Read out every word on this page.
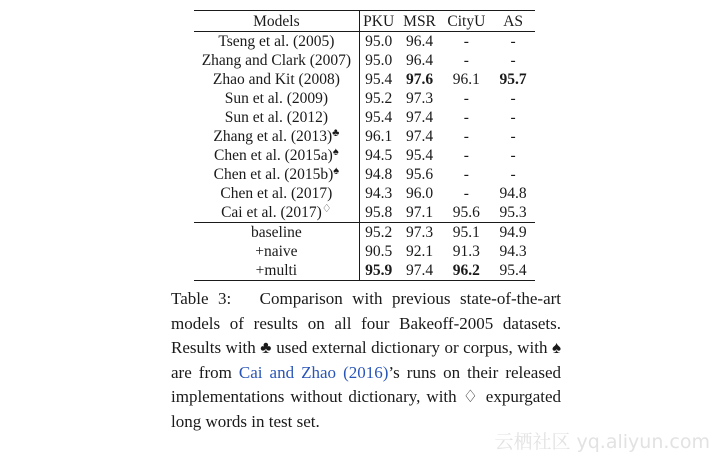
Models	PKU	MSR	CityU	AS
Tseng et al. (2005)	95.0	96.4	-	-
Zhang and Clark (2007)	95.0	96.4	-	-
Zhao and Kit (2008)	95.4	97.6	96.1	95.7
Sun et al. (2009)	95.2	97.3	-	-
Sun et al. (2012)	95.4	97.4	-	-
Zhang et al. (2013)♣	96.1	97.4	-	-
Chen et al. (2015a)♠	94.5	95.4	-	-
Chen et al. (2015b)♠	94.8	95.6	-	-
Chen et al. (2017)	94.3	96.0	-	94.8
Cai et al. (2017)♢	95.8	97.1	95.6	95.3
baseline	95.2	97.3	95.1	94.9
+naive	90.5	92.1	91.3	94.3
+multi	95.9	97.4	96.2	95.4

Table 3: Comparison with previous state-of-the-art models of results on all four Bakeoff-2005 datasets. Results with ♣ used external dictionary or corpus, with ♠ are from Cai and Zhao (2016)’s runs on their released implementations without dictionary, with ♢ expurgated long words in test set.

云栖社区 yq.aliyun.com
